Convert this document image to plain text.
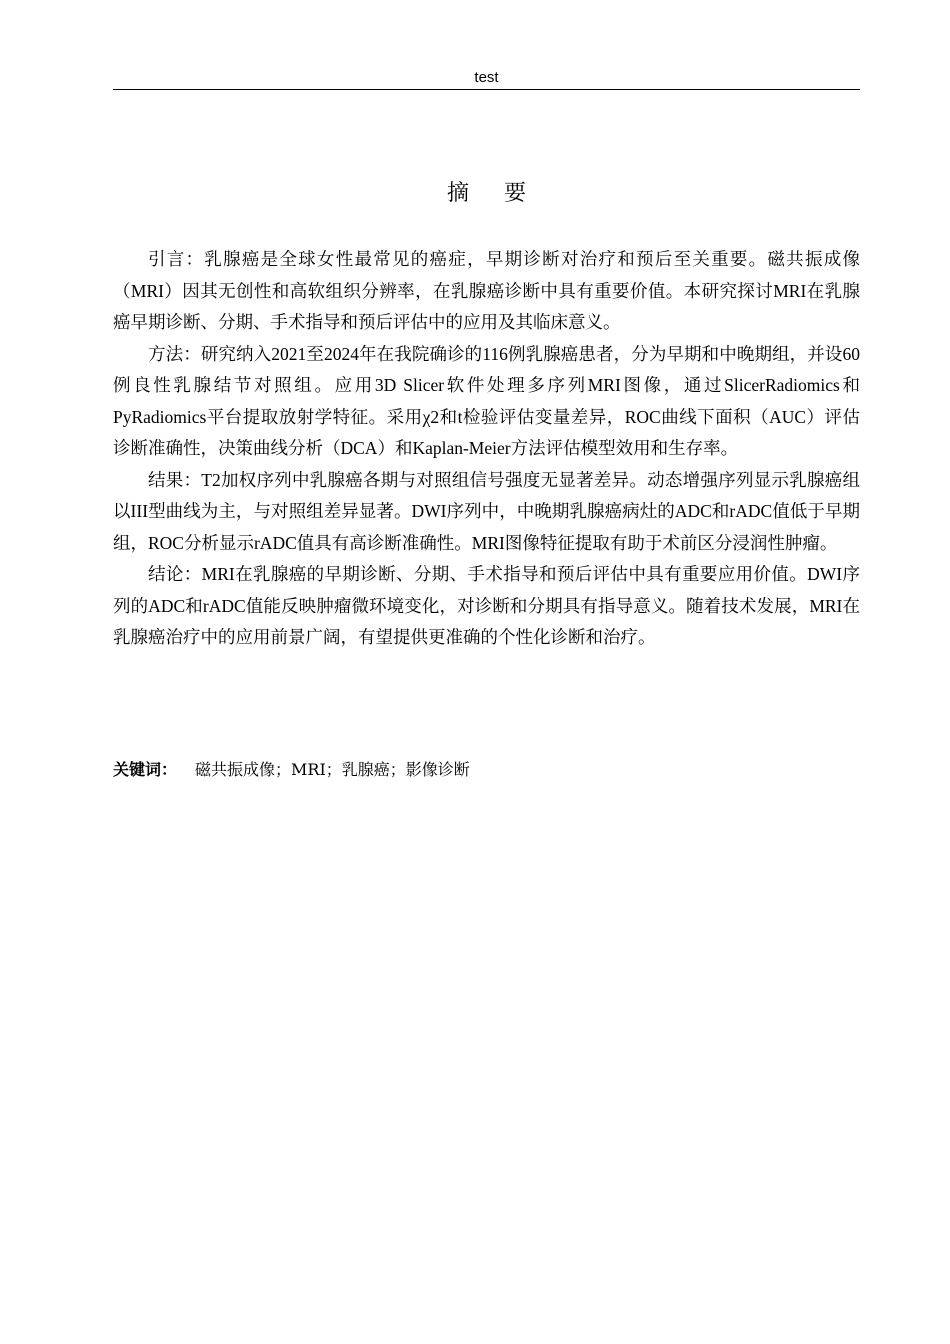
test
摘 要

引言：乳腺癌是全球女性最常见的癌症，早期诊断对治疗和预后至关重要。磁共振成像（MRI）因其无创性和高软组织分辨率，在乳腺癌诊断中具有重要价值。本研究探讨MRI在乳腺癌早期诊断、分期、手术指导和预后评估中的应用及其临床意义。

方法：研究纳入2021至2024年在我院确诊的116例乳腺癌患者，分为早期和中晚期组，并设60例良性乳腺结节对照组。应用3D Slicer软件处理多序列MRI图像，通过SlicerRadiomics和PyRadiomics平台提取放射学特征。采用χ2和t检验评估变量差异，ROC曲线下面积（AUC）评估诊断准确性，决策曲线分析（DCA）和Kaplan-Meier方法评估模型效用和生存率。

结果：T2加权序列中乳腺癌各期与对照组信号强度无显著差异。动态增强序列显示乳腺癌组以III型曲线为主，与对照组差异显著。DWI序列中，中晚期乳腺癌病灶的ADC和rADC值低于早期组，ROC分析显示rADC值具有高诊断准确性。MRI图像特征提取有助于术前区分浸润性肿瘤。

结论：MRI在乳腺癌的早期诊断、分期、手术指导和预后评估中具有重要应用价值。DWI序列的ADC和rADC值能反映肿瘤微环境变化，对诊断和分期具有指导意义。随着技术发展，MRI在乳腺癌治疗中的应用前景广阔，有望提供更准确的个性化诊断和治疗。

关键词： 磁共振成像；MRI；乳腺癌；影像诊断
